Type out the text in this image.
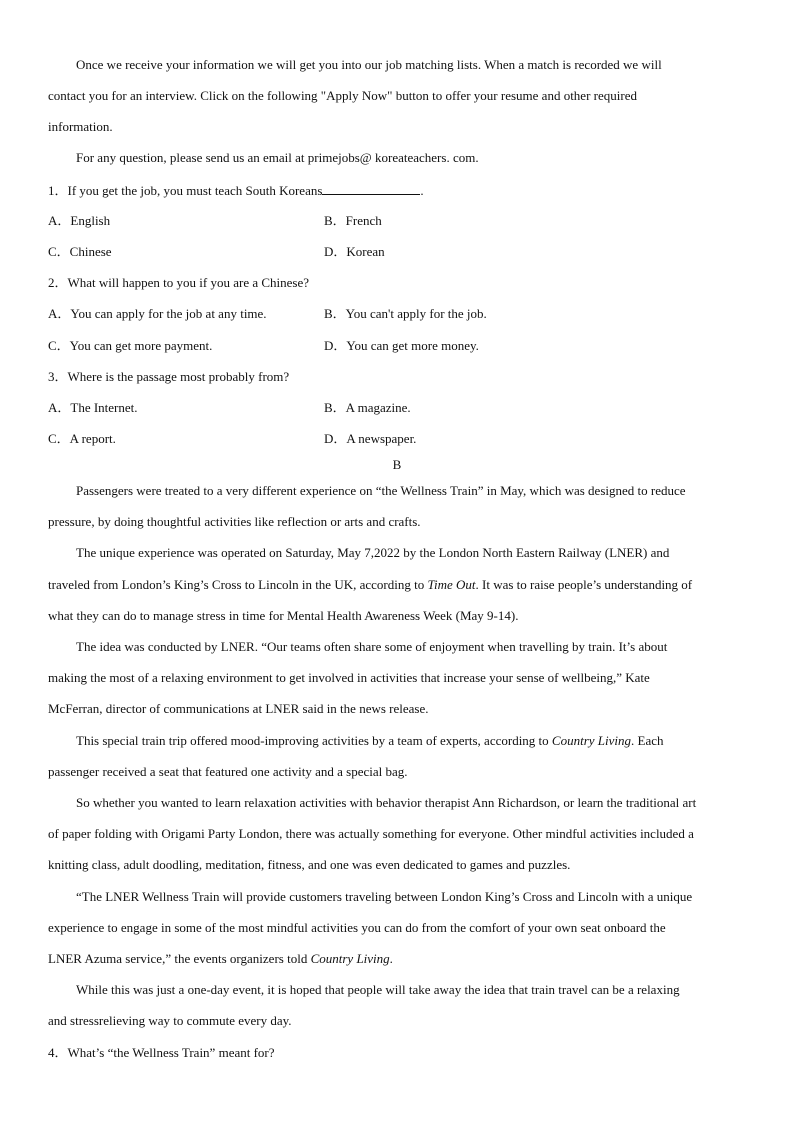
Once we receive your information we will get you into our job matching lists. When a match is recorded we will
contact you for an interview. Click on the following "Apply Now" button to offer your resume and other required
information.
For any question, please send us an email at primejobs@ koreateachers. com.
1．If you get the job, you must teach South Koreans	.
A．English	B．French
C．Chinese	D．Korean
2．What will happen to you if you are a Chinese?
A．You can apply for the job at any time.	B．You can't apply for the job.
C．You can get more payment.	D．You can get more money.
3．Where is the passage most probably from?
A．The Internet.	B．A magazine.
C．A report.	D．A newspaper.
B
Passengers were treated to a very different experience on “the Wellness Train” in May, which was designed to reduce
pressure, by doing thoughtful activities like reflection or arts and crafts.
The unique experience was operated on Saturday, May 7,2022 by the London North Eastern Railway (LNER) and
traveled from London’s King’s Cross to Lincoln in the UK, according to Time Out. It was to raise people’s understanding of
what they can do to manage stress in time for Mental Health Awareness Week (May 9-14).
The idea was conducted by LNER. “Our teams often share some of enjoyment when travelling by train. It’s about
making the most of a relaxing environment to get involved in activities that increase your sense of wellbeing,” Kate
McFerran, director of communications at LNER said in the news release.
This special train trip offered mood-improving activities by a team of experts, according to Country Living. Each
passenger received a seat that featured one activity and a special bag.
So whether you wanted to learn relaxation activities with behavior therapist Ann Richardson, or learn the traditional art
of paper folding with Origami Party London, there was actually something for everyone. Other mindful activities included a
knitting class, adult doodling, meditation, fitness, and one was even dedicated to games and puzzles.
“The LNER Wellness Train will provide customers traveling between London King’s Cross and Lincoln with a unique
experience to engage in some of the most mindful activities you can do from the comfort of your own seat onboard the
LNER Azuma service,” the events organizers told Country Living.
While this was just a one-day event, it is hoped that people will take away the idea that train travel can be a relaxing
and stressrelieving way to commute every day.
4．What’s “the Wellness Train” meant for?
